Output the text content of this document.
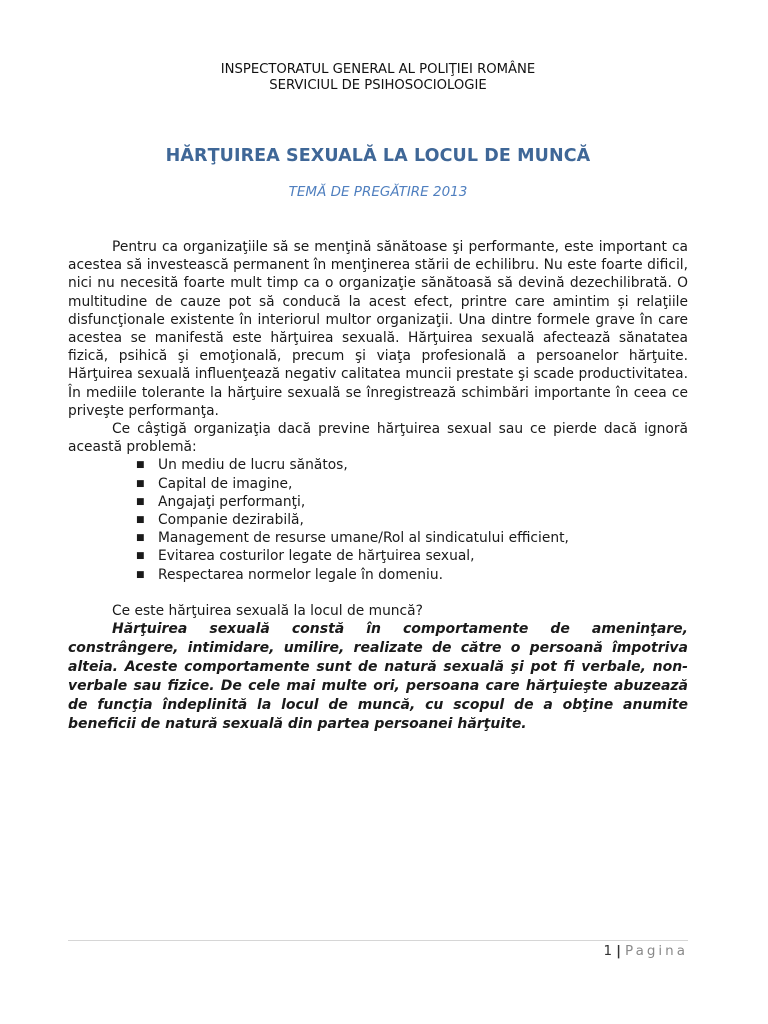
INSPECTORATUL GENERAL AL POLIŢIEI ROMÂNE
SERVICIUL DE PSIHOSOCIOLOGIE
HĂRŢUIREA SEXUALĂ LA LOCUL DE MUNCĂ
TEMĂ DE PREGĂTIRE 2013

Pentru ca organizaţiile să se menţină sănătoase şi performante, este important ca acestea să investească permanent în menţinerea stării de echilibru. Nu este foarte dificil, nici nu necesită foarte mult timp ca o organizaţie sănătoasă să devină dezechilibrată. O multitudine de cauze pot să conducă la acest efect, printre care amintim și relaţiile disfuncţionale existente în interiorul multor organizaţii. Una dintre formele grave în care acestea se manifestă este hărţuirea sexuală. Hărţuirea sexuală afectează sănatatea fizică, psihică şi emoţională, precum şi viaţa profesională a persoanelor hărţuite. Hărţuirea sexuală influenţează negativ calitatea muncii prestate şi scade productivitatea. În mediile tolerante la hărţuire sexuală se înregistrează schimbări importante în ceea ce priveşte performanţa.

Ce câştigă organizaţia dacă previne hărţuirea sexual sau ce pierde dacă ignoră această problemă:

■ Un mediu de lucru sănătos,
■ Capital de imagine,
■ Angajaţi performanţi,
■ Companie dezirabilă,
■ Management de resurse umane/Rol al sindicatului efficient,
■ Evitarea costurilor legate de hărţuirea sexual,
■ Respectarea normelor legale în domeniu.

Ce este hărţuirea sexuală la locul de muncă?

Hărţuirea sexuală constă în comportamente de ameninţare, constrângere, intimidare, umilire, realizate de către o persoană împotriva alteia. Aceste comportamente sunt de natură sexuală şi pot fi verbale, non-verbale sau fizice. De cele mai multe ori, persoana care hărţuieşte abuzează de funcţia îndeplinită la locul de muncă, cu scopul de a obţine anumite beneficii de natură sexuală din partea persoanei hărţuite.

1 | Pagina
